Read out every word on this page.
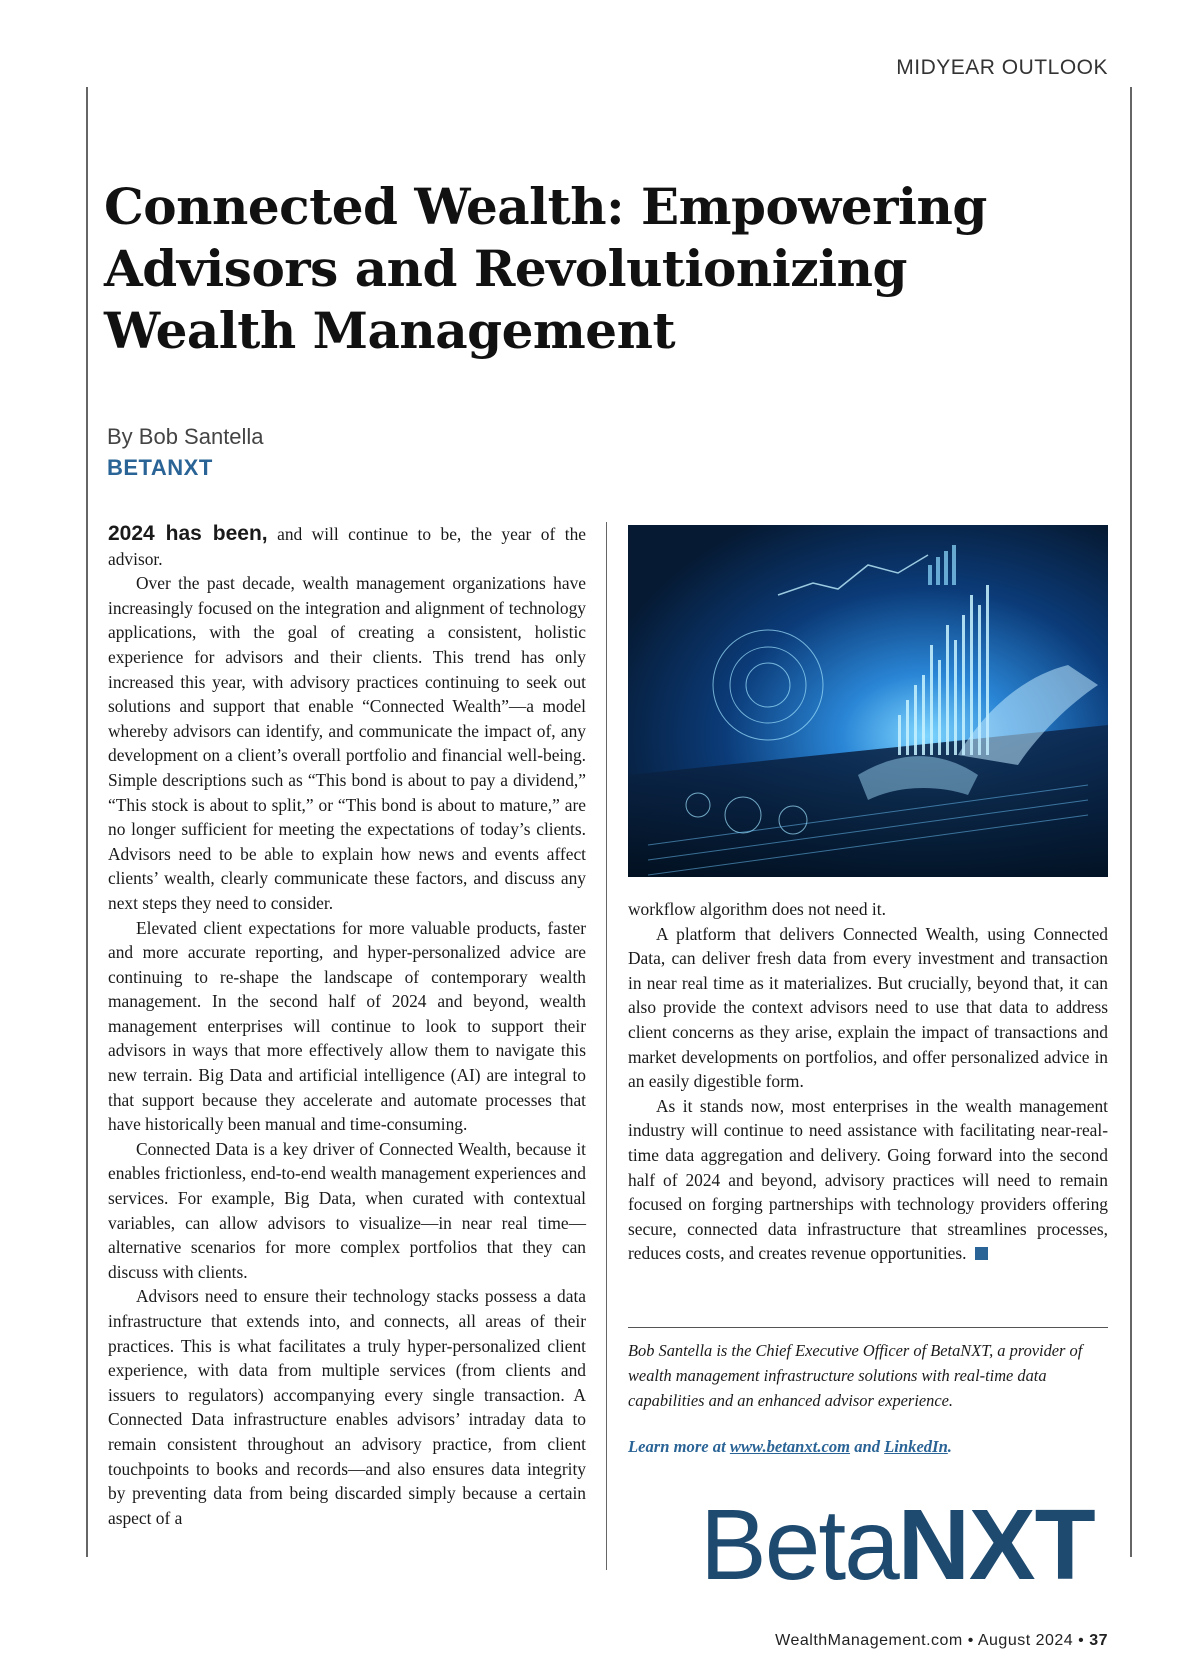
MIDYEAR OUTLOOK
Connected Wealth: Empowering Advisors and Revolutionizing Wealth Management
By Bob Santella
BETANXT

2024 has been, and will continue to be, the year of the advisor.

Over the past decade, wealth management organizations have increasingly focused on the integration and alignment of technology applications, with the goal of creating a consistent, holistic experience for advisors and their clients. This trend has only increased this year, with advisory practices continuing to seek out solutions and support that enable “Connected Wealth”—a model whereby advisors can identify, and communicate the impact of, any development on a client’s overall portfolio and financial well-being. Simple descriptions such as “This bond is about to pay a dividend,” “This stock is about to split,” or “This bond is about to mature,” are no longer sufficient for meeting the expectations of today’s clients. Advisors need to be able to explain how news and events affect clients’ wealth, clearly communicate these factors, and discuss any next steps they need to consider.

Elevated client expectations for more valuable products, faster and more accurate reporting, and hyper-personalized advice are continuing to re-shape the landscape of contemporary wealth management. In the second half of 2024 and beyond, wealth management enterprises will continue to look to support their advisors in ways that more effectively allow them to navigate this new terrain. Big Data and artificial intelligence (AI) are integral to that support because they accelerate and automate processes that have historically been manual and time-consuming.

Connected Data is a key driver of Connected Wealth, because it enables frictionless, end-to-end wealth management experiences and services. For example, Big Data, when curated with contextual variables, can allow advisors to visualize—in near real time—alternative scenarios for more complex portfolios that they can discuss with clients.

Advisors need to ensure their technology stacks possess a data infrastructure that extends into, and connects, all areas of their practices. This is what facilitates a truly hyper-personalized client experience, with data from multiple services (from clients and issuers to regulators) accompanying every single transaction. A Connected Data infrastructure enables advisors’ intraday data to remain consistent throughout an advisory practice, from client touchpoints to books and records—and also ensures data integrity by preventing data from being discarded simply because a certain aspect of a

workflow algorithm does not need it.

A platform that delivers Connected Wealth, using Connected Data, can deliver fresh data from every investment and transaction in near real time as it materializes. But crucially, beyond that, it can also provide the context advisors need to use that data to address client concerns as they arise, explain the impact of transactions and market developments on portfolios, and offer personalized advice in an easily digestible form.

As it stands now, most enterprises in the wealth management industry will continue to need assistance with facilitating near-real-time data aggregation and delivery. Going forward into the second half of 2024 and beyond, advisory practices will need to remain focused on forging partnerships with technology providers offering secure, connected data infrastructure that streamlines processes, reduces costs, and creates revenue opportunities.

Bob Santella is the Chief Executive Officer of BetaNXT, a provider of wealth management infrastructure solutions with real-time data capabilities and an enhanced advisor experience.

Learn more at www.betanxt.com and LinkedIn.

BetaNXT
WealthManagement.com • August 2024 • 37
